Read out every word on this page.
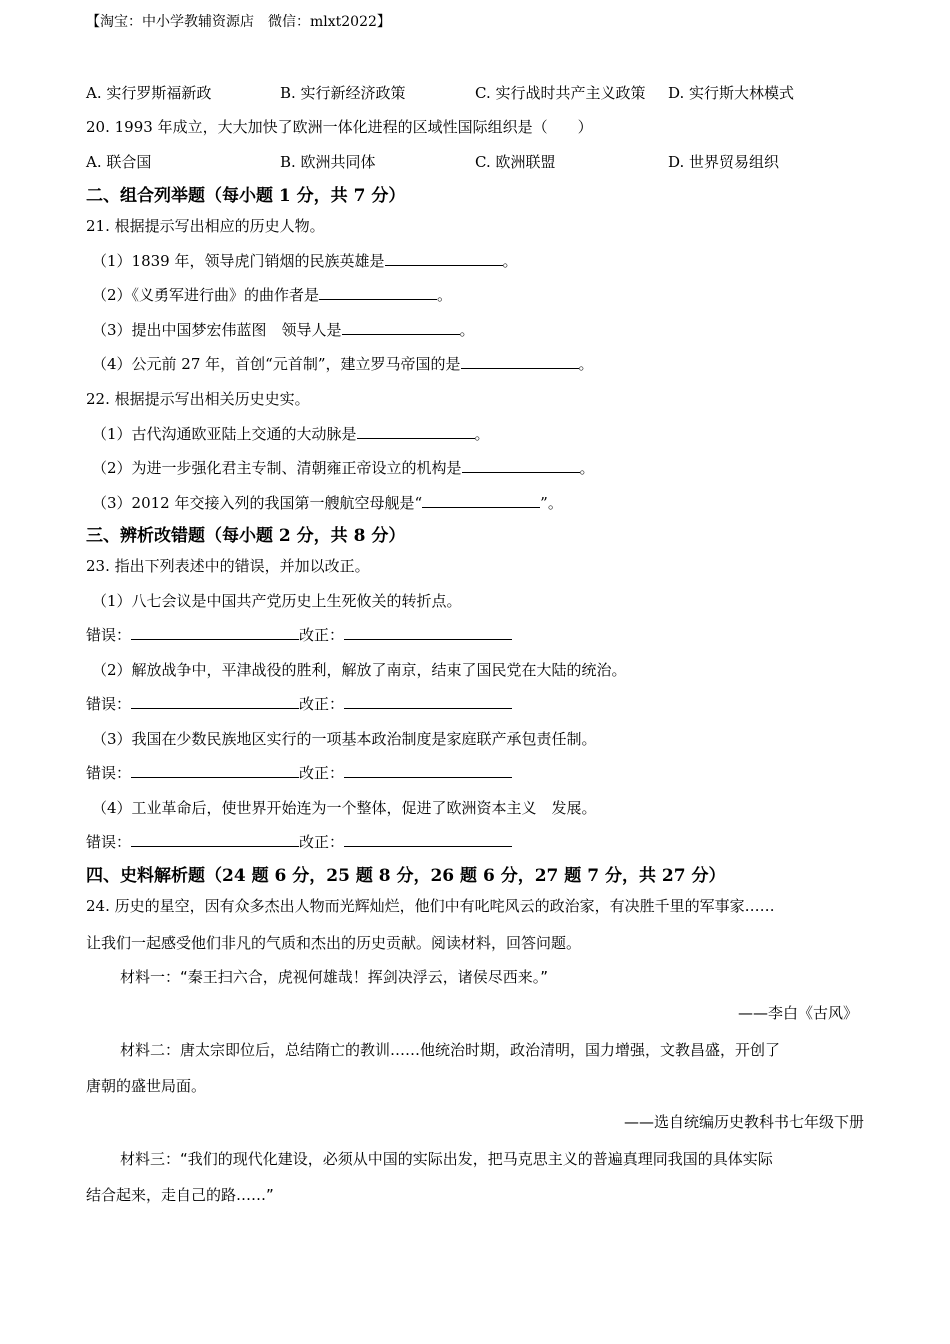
【淘宝：中小学教辅资源店　微信：mlxt2022】
A. 实行罗斯福新政	B. 实行新经济政策	C. 实行战时共产主义政策 D. 实行斯大林模式
20. 1993 年成立，大大加快了欧洲一体化进程的区域性国际组织是（　　）
A. 联合国	B. 欧洲共同体	C. 欧洲联盟	D. 世界贸易组织
二、组合列举题（每小题 1 分，共 7 分）
21. 根据提示写出相应的历史人物。
（1）1839 年，领导虎门销烟的民族英雄是	。
（2）《义勇军进行曲》的曲作者是	。
（3）提出中国梦宏伟蓝图　领导人是	。
（4）公元前 27 年，首创“元首制”，建立罗马帝国的是	。
22. 根据提示写出相关历史史实。
（1）古代沟通欧亚陆上交通的大动脉是	。
（2）为进一步强化君主专制、清朝雍正帝设立的机构是	。
（3）2012 年交接入列的我国第一艘航空母舰是“	”。
三、辨析改错题（每小题 2 分，共 8 分）
23. 指出下列表述中的错误，并加以改正。
（1）八七会议是中国共产党历史上生死攸关的转折点。
错误：	改正：
（2）解放战争中，平津战役的胜利，解放了南京，结束了国民党在大陆的统治。
错误：	改正：
（3）我国在少数民族地区实行的一项基本政治制度是家庭联产承包责任制。
错误：	改正：
（4）工业革命后，使世界开始连为一个整体，促进了欧洲资本主义　发展。
错误：	改正：
四、史料解析题（24 题 6 分，25 题 8 分，26 题 6 分，27 题 7 分，共 27 分）
24. 历史的星空，因有众多杰出人物而光辉灿烂，他们中有叱咤风云的政治家，有决胜千里的军事家……
让我们一起感受他们非凡的气质和杰出的历史贡献。阅读材料，回答问题。
材料一：“秦王扫六合，虎视何雄哉！挥剑决浮云，诸侯尽西来。”
——李白《古风》
材料二：唐太宗即位后，总结隋亡的教训……他统治时期，政治清明，国力增强，文教昌盛，开创了
唐朝的盛世局面。
——选自统编历史教科书七年级下册
材料三：“我们的现代化建设，必须从中国的实际出发，把马克思主义的普遍真理同我国的具体实际
结合起来，走自己的路……”
